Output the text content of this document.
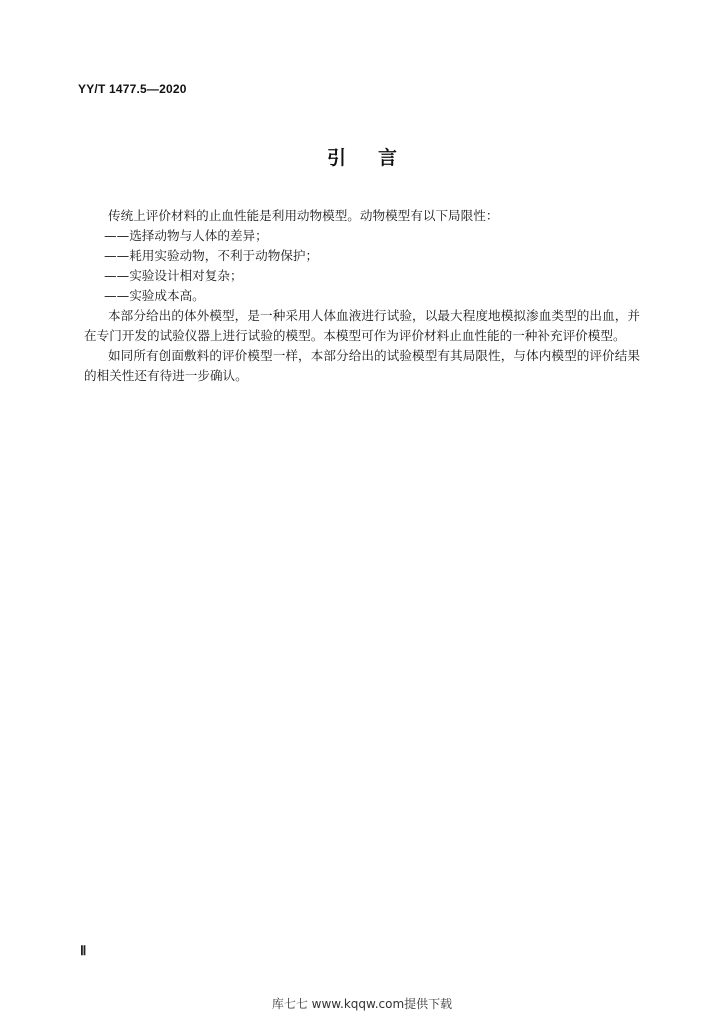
YY/T 1477.5—2020
引言

传统上评价材料的止血性能是利用动物模型。动物模型有以下局限性：

——选择动物与人体的差异；

——耗用实验动物，不利于动物保护；

——实验设计相对复杂；

——实验成本高。

本部分给出的体外模型，是一种采用人体血液进行试验，以最大程度地模拟渗血类型的出血，并在专门开发的试验仪器上进行试验的模型。本模型可作为评价材料止血性能的一种补充评价模型。

如同所有创面敷料的评价模型一样，本部分给出的试验模型有其局限性，与体内模型的评价结果的相关性还有待进一步确认。

Ⅱ
库七七 www.kqqw.com提供下载
